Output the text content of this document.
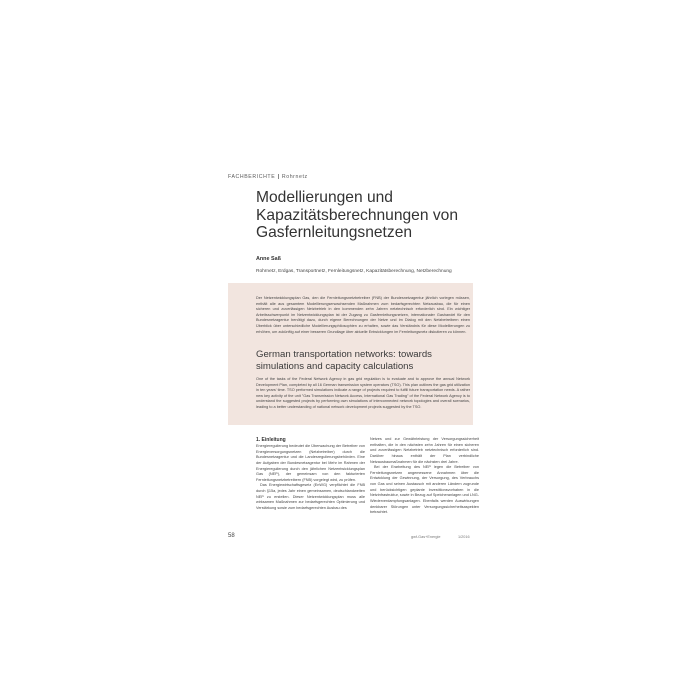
FACHBERICHTE Rohrnetz
Modellierungen und Kapazitätsberechnungen von Gasfernleitungsnetzen
Anne Saß
Rohrnetz, Erdgas, Transportnetz, Fernleitungsnetz, Kapazitätsberechnung, Netzberechnung

Der Netzentwicklungsplan Gas, den die Fernleitungsnetzbetreiber (FNB) der Bundesnetzagentur jährlich vorlegen müssen, enthält alle aus gesamtem Modellierungserwachsenden Maßnahmen zum bedarfsgerechten Netzausbau, die für einen sicheren und zuverlässigen Netzbetrieb in den kommenden zehn Jahren netztechnisch erforderlich sind. Ein wichtiger Arbeitsschwerpunkt im Netzentwicklungsplan ist der Zugang zu Gasfernleitungsnetzen, internationaler Gashandel für den Bundesnetzagentur benötigt dazu, durch eigene Berechnungen der Netze und im Dialog mit den Netzbetreibern einen Überblick über unterschiedliche Modellierungsphilosophien zu erhalten, sowie das Verständnis für diese Modellierungen zu erhöhen, um zukünftig auf einer besseren Grundlage über aktuelle Entwicklungen im Fernleitungsnetz diskutieren zu können.

German transportation networks: towards simulations and capacity calculations

One of the tasks of the Federal Network Agency in gas grid regulation is to evaluate and to approve the annual Network Development Plan, completed by all 16 German transmission system operators (TSO). This plan outlines the gas grid utilization in ten years' time. TSO performed simulations indicate a range of projects required to fulfill future transportation needs. A rather new key activity of the unit "Gas Transmission Network Access, International Gas Trading" of the Federal Network Agency is to understand the suggested projects by performing own simulations of interconnected network topologies and overall scenarios, leading to a better understanding of national network development projects suggested by the TSO.

1. Einleitung

Energieregulierung bedeutet die Überwachung der Betreiber von Energieversorgungsnetzen (Netzbetreiber) durch die Bundesnetzagentur und die Landesregulierungsbehörden. Eine der Aufgaben der Bundesnetzagentur bei Mehr im Rahmen der Energieregulierung durch den jährlichen Netzentwicklungsplan Gas (NEP), der gemeinsam von den fakturierten Fernleitungsnetzbetreibern (FNB) vorgelegt wird, zu prüfen.

Das Energiewirtschaftsgesetz (EnWG) verpflichtet die FNB durch §15a, jedes Jahr einen gemeinsamen, deutschlandweiten NEP zu erstellen. Dieser Netzentwicklungsplan muss alle wirksamen Maßnahmen zur bedarfsgerechten Optimierung und Verstärkung sowie zum bedarfsgerechten Ausbau des

Netzes und zur Gewährleistung der Versorgungssicherheit enthalten, die in den nächsten zehn Jahren für einen sicheren und zuverlässigen Netzbetrieb netztechnisch erforderlich sind. Darüber hinaus enthält der Plan verbindliche Netzausbaumaßnahmen für die nächsten drei Jahre.

Bei der Erarbeitung des NEP legen die Betreiber von Fernleitungsnetzen angemessene Annahmen über die Entwicklung der Gewinnung, der Versorgung, des Verbrauchs von Gas und seinen Austausch mit anderen Ländern zugrunde und berücksichtigen geplante Investitionsvorhaben in die Netzinfrastruktur, sowie in Bezug auf Speicheranlagen und LNG-Wiederverdampfungsanlagen. Ebenfalls werden Auswirkungen denkbarer Störungen unter Versorgungssicherheitsaspekten betrachtet.

58	gwf-Gas+Energie	1/2016
